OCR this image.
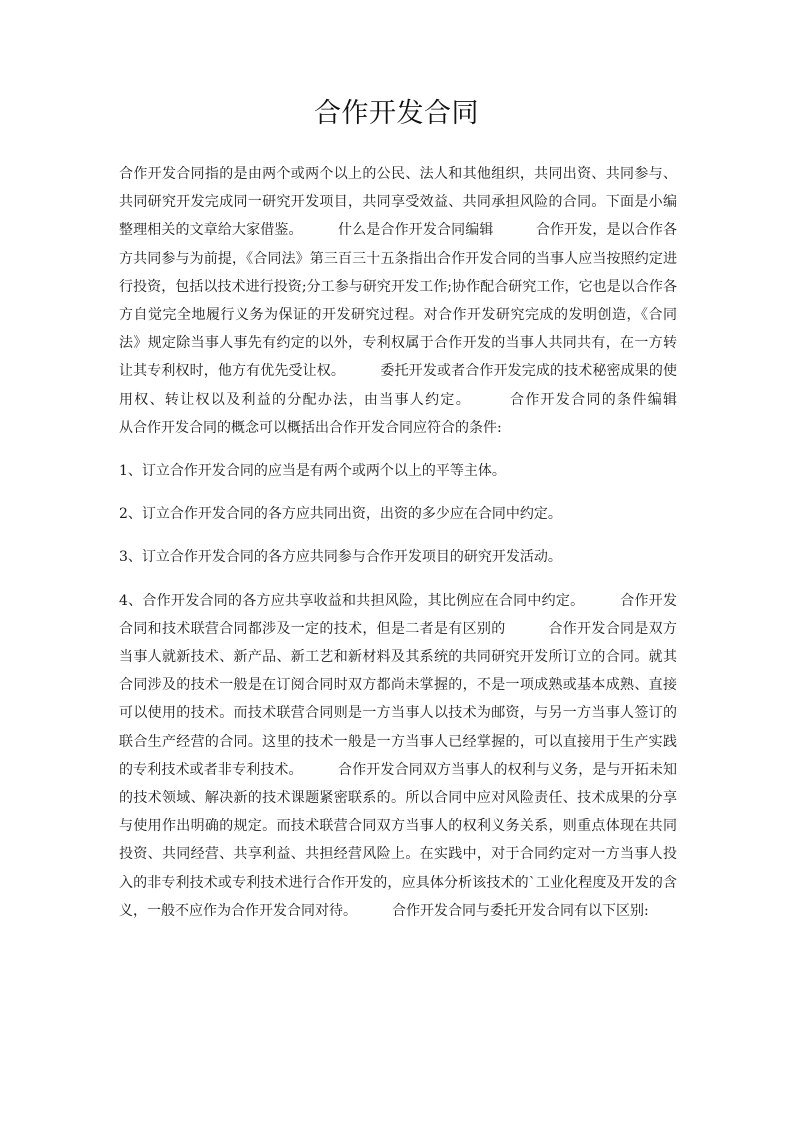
合作开发合同

合作开发合同指的是由两个或两个以上的公民、法人和其他组织，共同出资、共同参与、共同研究开发完成同一研究开发项目，共同享受效益、共同承担风险的合同。下面是小编整理相关的文章给大家借鉴。　　　什么是合作开发合同编辑　　　合作开发，是以合作各方共同参与为前提，《合同法》第三百三十五条指出合作开发合同的当事人应当按照约定进行投资，包括以技术进行投资;分工参与研究开发工作;协作配合研究工作，它也是以合作各方自觉完全地履行义务为保证的开发研究过程。对合作开发研究完成的发明创造，《合同法》规定除当事人事先有约定的以外，专利权属于合作开发的当事人共同共有，在一方转让其专利权时，他方有优先受让权。　　　委托开发或者合作开发完成的技术秘密成果的使用权、转让权以及利益的分配办法，由当事人约定。　　　合作开发合同的条件编辑　　　从合作开发合同的概念可以概括出合作开发合同应符合的条件:

1、订立合作开发合同的应当是有两个或两个以上的平等主体。

2、订立合作开发合同的各方应共同出资，出资的多少应在合同中约定。

3、订立合作开发合同的各方应共同参与合作开发项目的研究开发活动。

4、合作开发合同的各方应共享收益和共担风险，其比例应在合同中约定。　　　合作开发合同和技术联营合同都涉及一定的技术，但是二者是有区别的　　　合作开发合同是双方当事人就新技术、新产品、新工艺和新材料及其系统的共同研究开发所订立的合同。就其合同涉及的技术一般是在订阅合同时双方都尚未掌握的，不是一项成熟或基本成熟、直接可以使用的技术。而技术联营合同则是一方当事人以技术为邮资，与另一方当事人签订的联合生产经营的合同。这里的技术一般是一方当事人已经掌握的，可以直接用于生产实践的专利技术或者非专利技术。　　　合作开发合同双方当事人的权利与义务，是与开拓未知的技术领域、解决新的技术课题紧密联系的。所以合同中应对风险责任、技术成果的分享与使用作出明确的规定。而技术联营合同双方当事人的权利义务关系，则重点体现在共同投资、共同经营、共享利益、共担经营风险上。在实践中，对于合同约定对一方当事人投入的非专利技术或专利技术进行合作开发的，应具体分析该技术的`工业化程度及开发的含义，一般不应作为合作开发合同对待。　　　合作开发合同与委托开发合同有以下区别:
